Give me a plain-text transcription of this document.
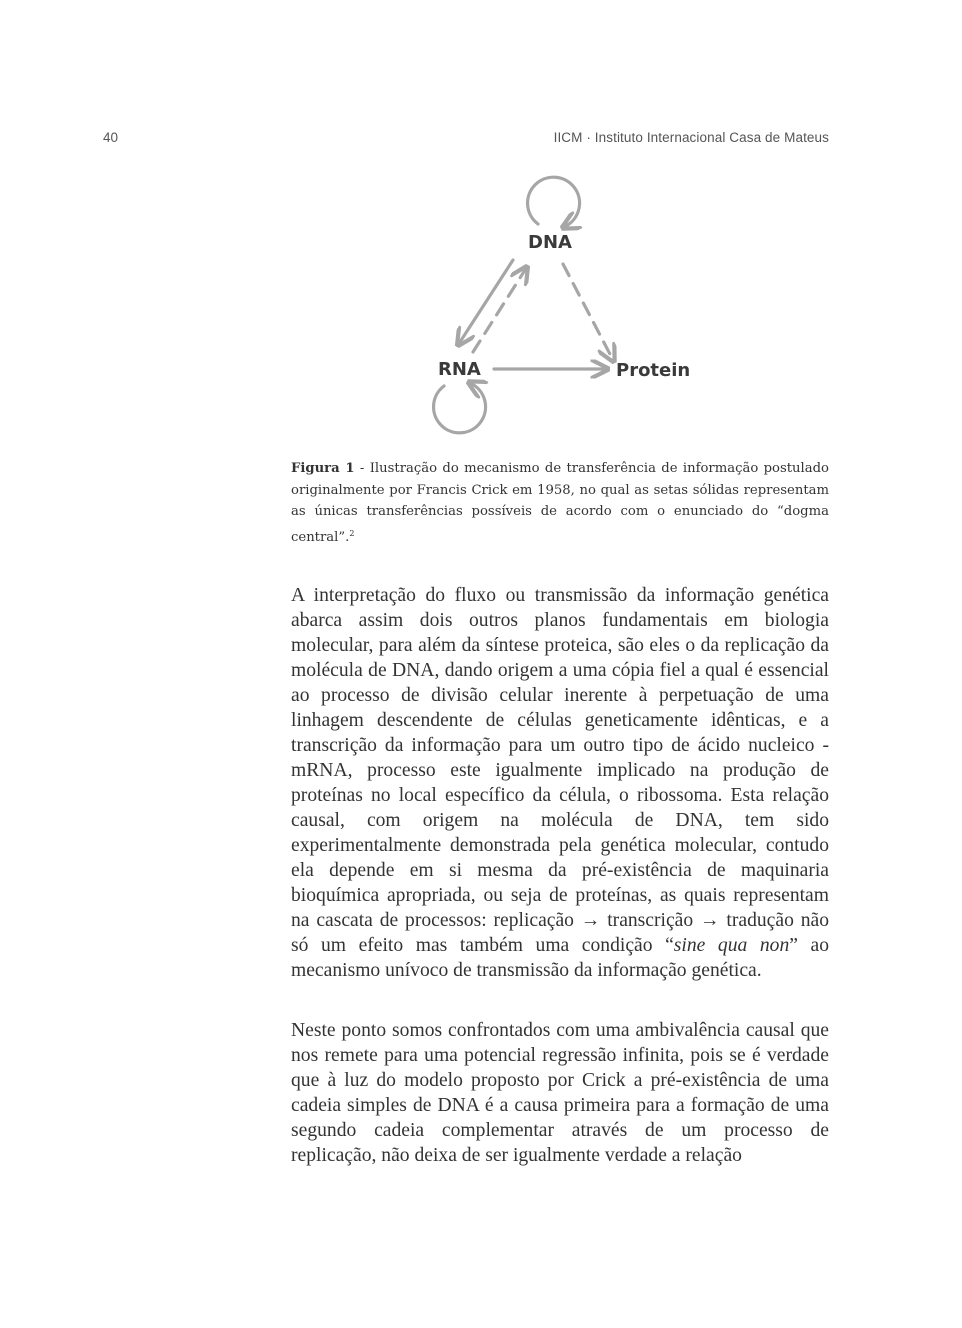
40	IICM · Instituto Internacional Casa de Mateus
DNA
RNA	Protein
Figura 1 - Ilustração do mecanismo de transferência de informação postulado originalmente por Francis Crick em 1958, no qual as setas sólidas representam as únicas transferências possíveis de acordo com o enunciado do “dogma central”.$^2$

A interpretação do fluxo ou transmissão da informação genética abarca assim dois outros planos fundamentais em biologia molecular, para além da síntese proteica, são eles o da replicação da molécula de DNA, dando origem a uma cópia fiel a qual é essencial ao processo de divisão celular inerente à perpetuação de uma linhagem descendente de células geneticamente idênticas, e a transcrição da informação para um outro tipo de ácido nucleico - mRNA, processo este igualmente implicado na produção de proteínas no local específico da célula, o ribossoma. Esta relação causal, com origem na molécula de DNA, tem sido experimentalmente demonstrada pela genética molecular, contudo ela depende em si mesma da pré-existência de maquinaria bioquímica apropriada, ou seja de proteínas, as quais representam na cascata de processos: replicação → transcrição → tradução não só um efeito mas também uma condição “sine qua non” ao mecanismo unívoco de transmissão da informação genética.

Neste ponto somos confrontados com uma ambivalência causal que nos remete para uma potencial regressão infinita, pois se é verdade que à luz do modelo proposto por Crick a pré-existência de uma cadeia simples de DNA é a causa primeira para a formação de uma segundo cadeia complementar através de um processo de replicação, não deixa de ser igualmente verdade a relação
